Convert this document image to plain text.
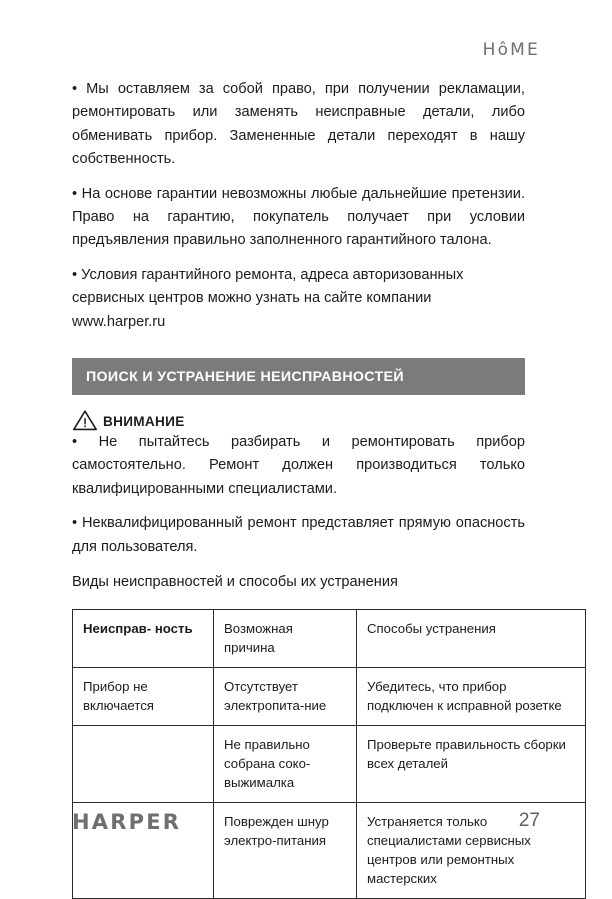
HôME

• Мы оставляем за собой право, при получении рекламации, ремонтировать или заменять неисправные детали, либо обменивать прибор. Замененные детали переходят в нашу собственность.

• На основе гарантии невозможны любые дальнейшие претензии. Право на гарантию, покупатель получает при условии предъявления правильно заполненного гарантийного талона.

• Условия гарантийного ремонта, адреса авторизованных сервисных центров можно узнать на сайте компании www.harper.ru

ПОИСК И УСТРАНЕНИЕ НЕИСПРАВНОСТЕЙ
ВНИМАНИЕ

• Не пытайтесь разбирать и ремонтировать прибор самостоятельно. Ремонт должен производиться только квалифицированными специалистами.

• Неквалифицированный ремонт представляет прямую опасность для пользователя.

Виды неисправностей и способы их устранения
Неисправ- ность	Возможная причина	Способы устранения
Прибор не включается	Отсутствует электропита-ние	Убедитесь, что прибор подключен к исправной розетке
	Не правильно собрана соко-выжималка	Проверьте правильность сборки всех деталей
	Поврежден шнур электро-питания	Устраняется только специалистами сервисных центров или ремонтных мастерских
HARPER	27
